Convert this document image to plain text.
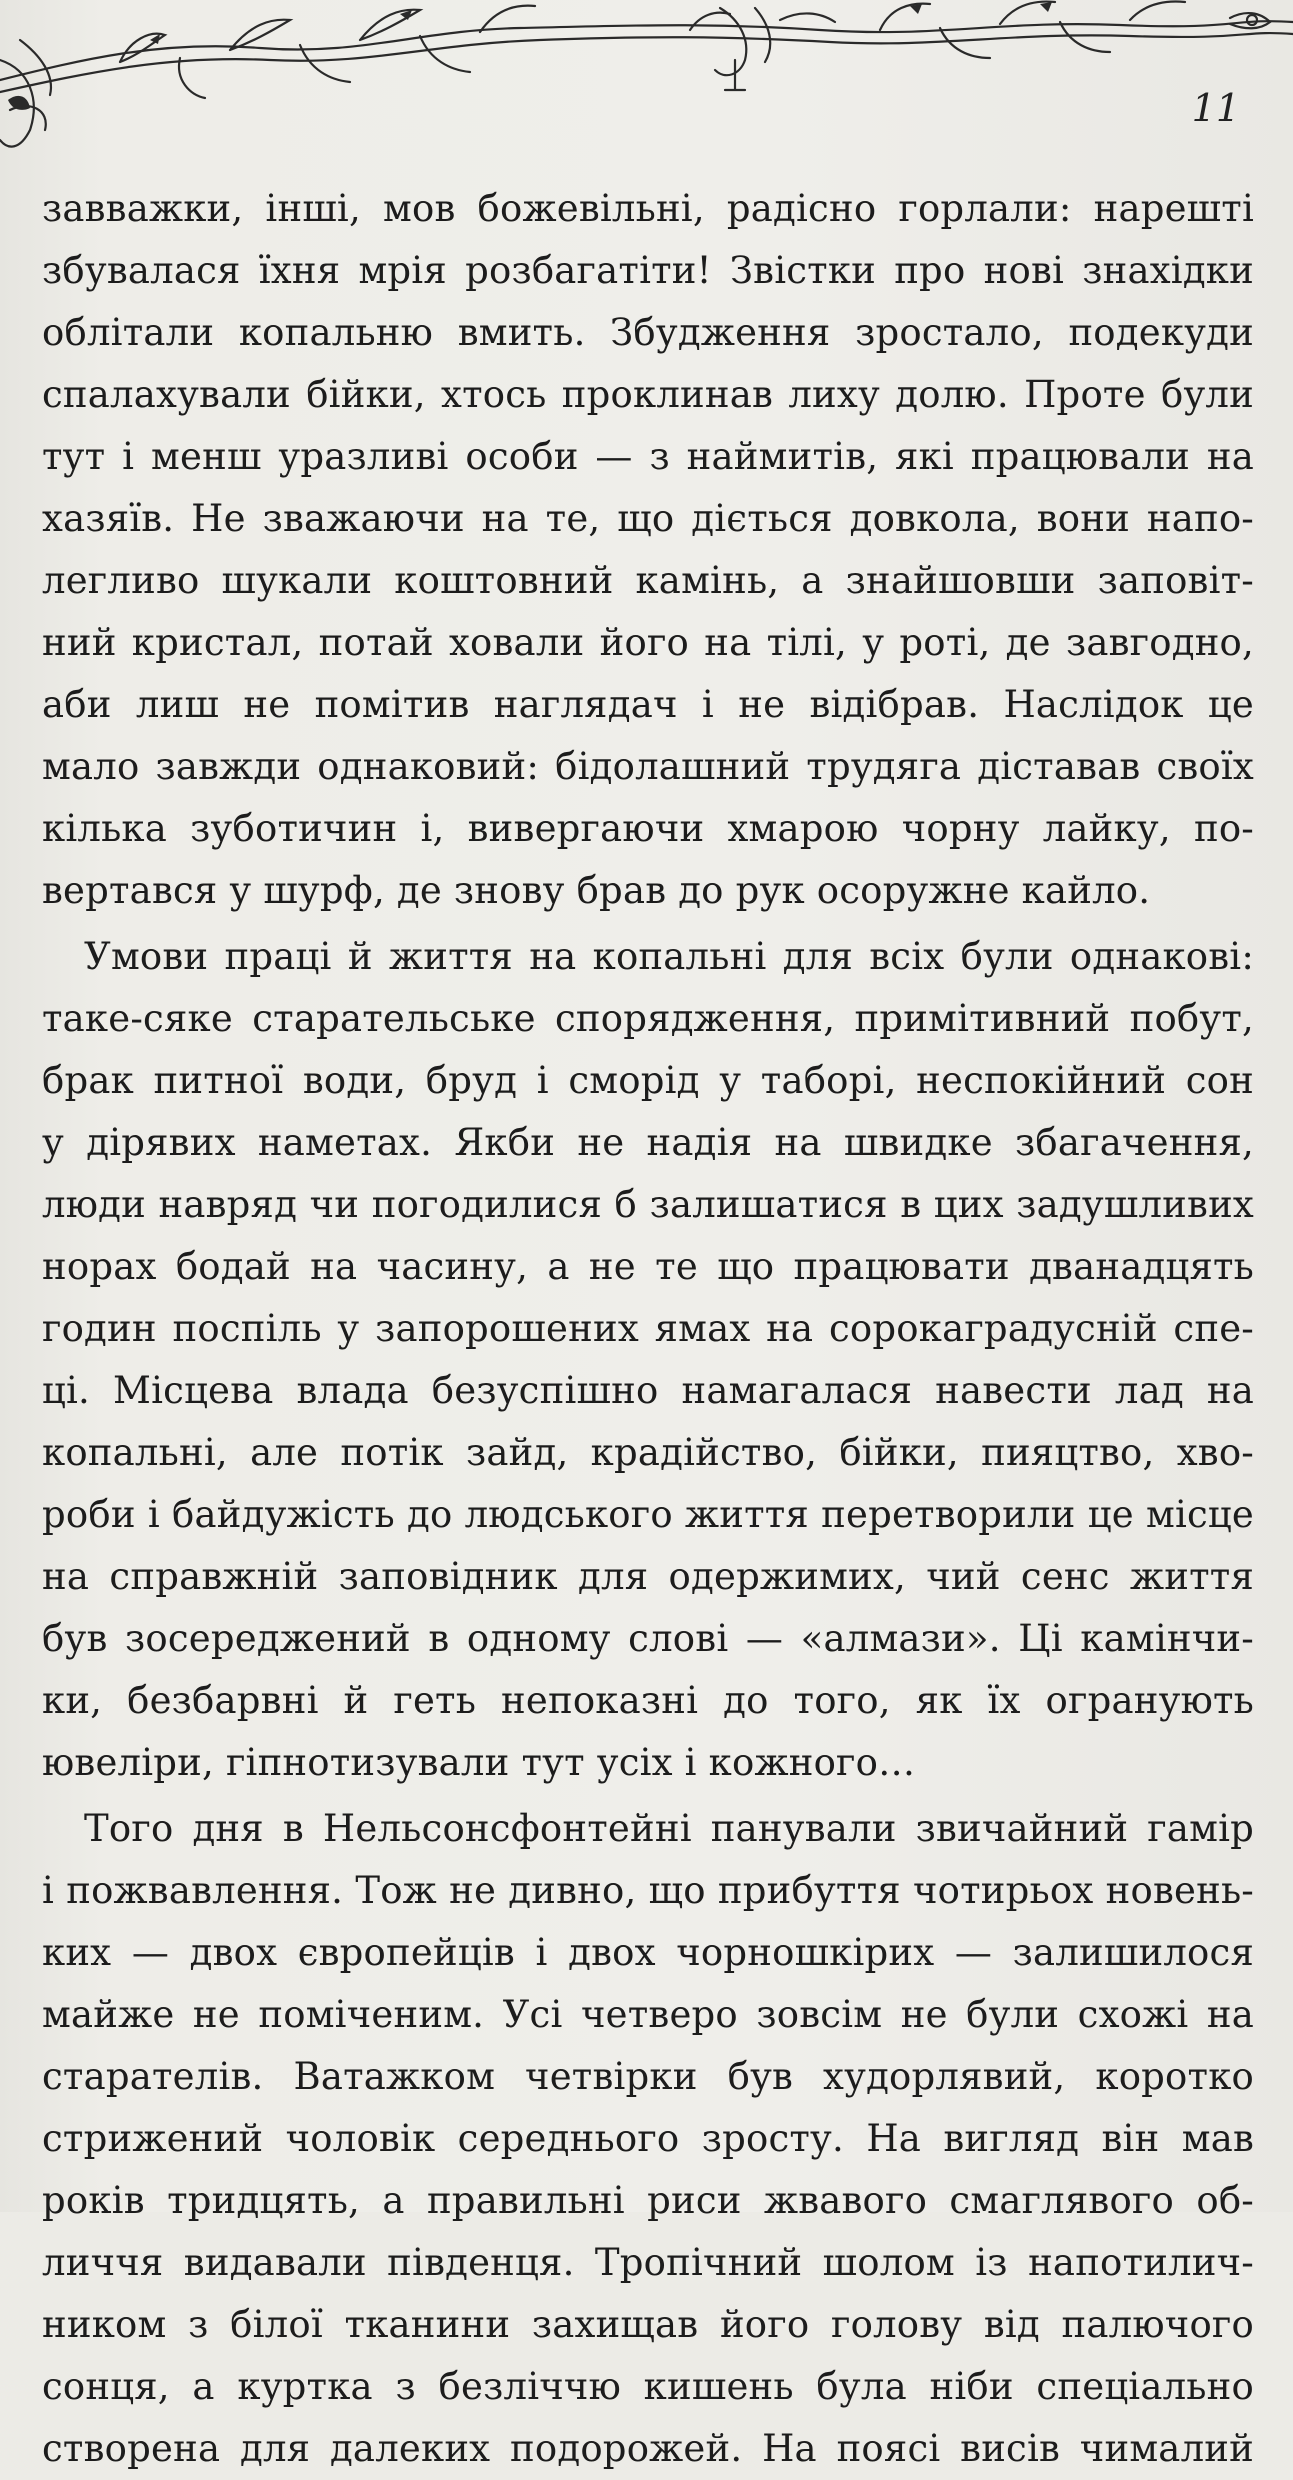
11
завважки, інші, мов божевільні, радісно горлали: нарешті
збувалася їхня мрія розбагатіти! Звістки про нові знахідки
облітали копальню вмить. Збудження зростало, подекуди
спалахували бійки, хтось проклинав лиху долю. Проте були
тут і менш уразливі особи — з наймитів, які працювали на
хазяїв. Не зважаючи на те, що діється довкола, вони напо-
легливо шукали коштовний камінь, а знайшовши заповіт-
ний кристал, потай ховали його на тілі, у роті, де завгодно,
аби лиш не помітив наглядач і не відібрав. Наслідок це
мало завжди однаковий: бідолашний трудяга діставав своїх
кілька зуботичин і, вивергаючи хмарою чорну лайку, по-
вертався у шурф, де знову брав до рук осоружне кайло.
Умови праці й життя на копальні для всіх були однакові:
таке-сяке старательське спорядження, примітивний побут,
брак питної води, бруд і сморід у таборі, неспокійний сон
у дірявих наметах. Якби не надія на швидке збагачення,
люди навряд чи погодилися б залишатися в цих задушливих
норах бодай на часину, а не те що працювати дванадцять
годин поспіль у запорошених ямах на сорокаградусній спе-
ці. Місцева влада безуспішно намагалася навести лад на
копальні, але потік зайд, крадійство, бійки, пияцтво, хво-
роби і байдужість до людського життя перетворили це місце
на справжній заповідник для одержимих, чий сенс життя
був зосереджений в одному слові — «алмази». Ці камінчи-
ки, безбарвні й геть непоказні до того, як їх огранують
ювеліри, гіпнотизували тут усіх і кожного…
Того дня в Нельсонсфонтейні панували звичайний гамір
і пожвавлення. Тож не дивно, що прибуття чотирьох новень-
ких — двох європейців і двох чорношкірих — залишилося
майже не поміченим. Усі четверо зовсім не були схожі на
старателів. Ватажком четвірки був худорлявий, коротко
стрижений чоловік середнього зросту. На вигляд він мав
років тридцять, а правильні риси жвавого смаглявого об-
личчя видавали південця. Тропічний шолом із напотилич-
ником з білої тканини захищав його голову від палючого
сонця, а куртка з безліччю кишень була ніби спеціально
створена для далеких подорожей. На поясі висів чималий
